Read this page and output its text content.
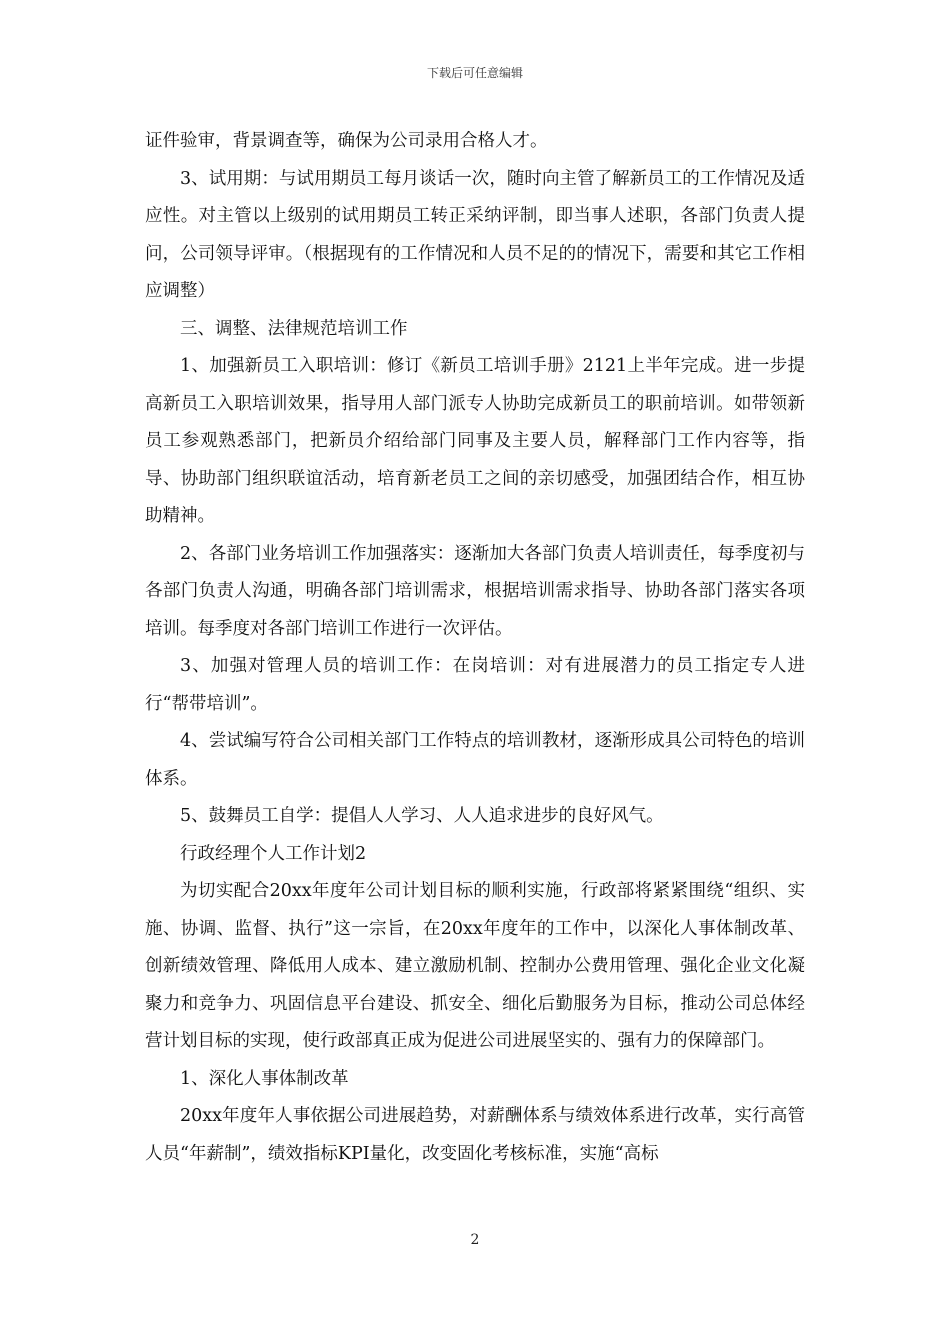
下载后可任意编辑

证件验审，背景调查等，确保为公司录用合格人才。

3、试用期：与试用期员工每月谈话一次，随时向主管了解新员工的工作情况及适应性。对主管以上级别的试用期员工转正采纳评制，即当事人述职，各部门负责人提问，公司领导评审。（根据现有的工作情况和人员不足的的情况下，需要和其它工作相应调整）

三、调整、法律规范培训工作

1、加强新员工入职培训：修订《新员工培训手册》2121上半年完成。进一步提高新员工入职培训效果，指导用人部门派专人协助完成新员工的职前培训。如带领新员工参观熟悉部门，把新员介绍给部门同事及主要人员，解释部门工作内容等，指导、协助部门组织联谊活动，培育新老员工之间的亲切感受，加强团结合作，相互协助精神。

2、各部门业务培训工作加强落实：逐渐加大各部门负责人培训责任，每季度初与各部门负责人沟通，明确各部门培训需求，根据培训需求指导、协助各部门落实各项培训。每季度对各部门培训工作进行一次评估。

3、加强对管理人员的培训工作：在岗培训：对有进展潜力的员工指定专人进行“帮带培训”。

4、尝试编写符合公司相关部门工作特点的培训教材，逐渐形成具公司特色的培训体系。

5、鼓舞员工自学：提倡人人学习、人人追求进步的良好风气。

行政经理个人工作计划2

为切实配合20xx年度年公司计划目标的顺利实施，行政部将紧紧围绕“组织、实施、协调、监督、执行”这一宗旨，在20xx年度年的工作中，以深化人事体制改革、创新绩效管理、降低用人成本、建立激励机制、控制办公费用管理、强化企业文化凝聚力和竞争力、巩固信息平台建设、抓安全、细化后勤服务为目标，推动公司总体经营计划目标的实现，使行政部真正成为促进公司进展坚实的、强有力的保障部门。

1、深化人事体制改革

20xx年度年人事依据公司进展趋势，对薪酬体系与绩效体系进行改革，实行高管人员“年薪制”，绩效指标KPI量化，改变固化考核标准，实施“高标

2
